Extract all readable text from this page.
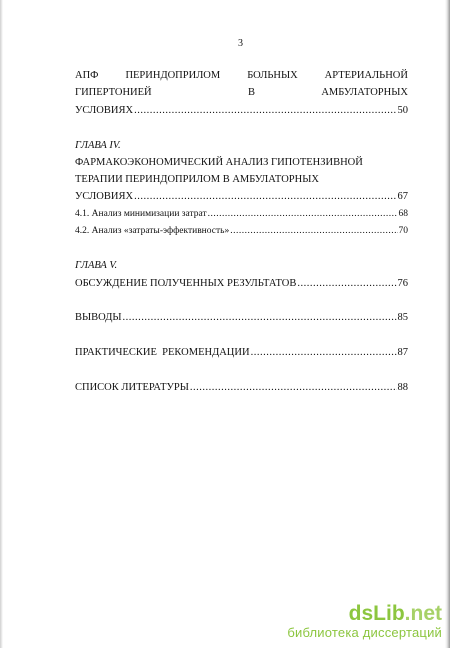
3
АПФ	ПЕРИНДОПРИЛОМ	БОЛЬНЫХ	АРТЕРИАЛЬНОЙ
ГИПЕРТОНИЕЙ	В	АМБУЛАТОРНЫХ
УСЛОВИЯХ .....	50
ГЛАВА IV.
ФАРМАКОЭКОНОМИЧЕСКИЙ АНАЛИЗ ГИПОТЕНЗИВНОЙ
ТЕРАПИИ ПЕРИНДОПРИЛОМ В АМБУЛАТОРНЫХ
УСЛОВИЯХ .....	67
4.1. Анализ минимизации затрат .....	68
4.2. Анализ «затраты-эффективность» .....	70
ГЛАВА V.
ОБСУЖДЕНИЕ ПОЛУЧЕННЫХ РЕЗУЛЬТАТОВ .....	76
ВЫВОДЫ .....	85
ПРАКТИЧЕСКИЕ  РЕКОМЕНДАЦИИ .....	87
СПИСОК ЛИТЕРАТУРЫ .....	88
dsLib.net
библиотека диссертаций
